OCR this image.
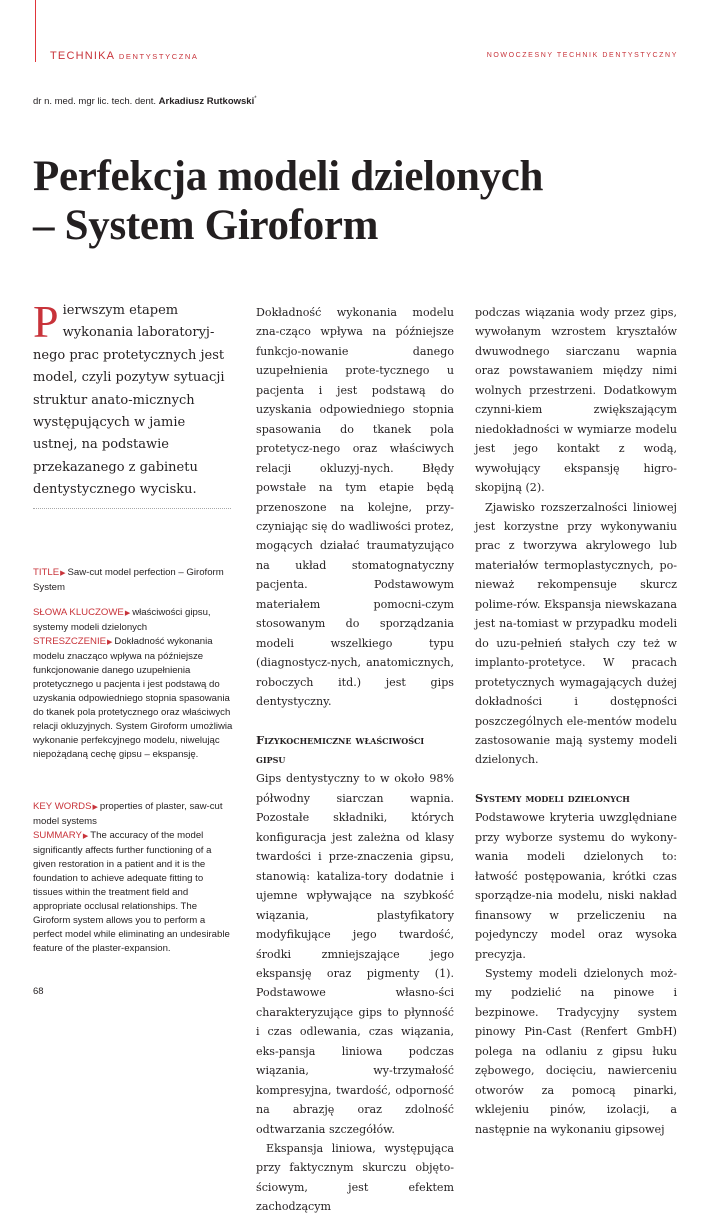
TECHNIKA DENTYSTYCZNA	NOWOCZESNY TECHNIK DENTYSTYCZNY
dr n. med. mgr lic. tech. dent. Arkadiusz Rutkowski*
Perfekcja modeli dzielonych
– System Giroform
Pierwszym etapem wykonania laboratoryj-nego prac protetycznych jest model, czyli pozytyw sytuacji struktur anato-micznych występujących w jamie ustnej, na podstawie przekazanego z gabinetu dentystycznego wycisku.
TITLE▶ Saw-cut model perfection – Giroform System
SŁOWA KLUCZOWE▶ właściwości gipsu, systemy modeli dzielonych
STRESZCZENIE▶ Dokładność wykonania modelu znacząco wpływa na późniejsze funkcjonowanie danego uzupełnienia protetycznego u pacjenta i jest podstawą do uzyskania odpowiedniego stopnia spasowania do tkanek pola protetycznego oraz właściwych relacji okluzyjnych. System Giroform umożliwia wykonanie perfekcyjnego modelu, niwelując niepożądaną cechę gipsu – ekspansję.
KEY WORDS▶ properties of plaster, saw-cut model systems
SUMMARY▶ The accuracy of the model significantly affects further functioning of a given restoration in a patient and it is the foundation to achieve adequate fitting to tissues within the treatment field and appropriate occlusal relationships. The Giroform system allows you to perform a perfect model while eliminating an undesirable feature of the plaster-expansion.
Dokładność wykonania modelu zna-cząco wpływa na późniejsze funkcjo-nowanie danego uzupełnienia prote-tycznego u pacjenta i jest podstawą do uzyskania odpowiedniego stopnia spasowania do tkanek pola protetycz-nego oraz właściwych relacji okluzyj-nych. Błędy powstałe na tym etapie będą przenoszone na kolejne, przy-czyniając się do wadliwości protez, mogących działać traumatyzująco na układ stomatognatyczny pacjenta. Podstawowym materiałem pomocni-czym stosowanym do sporządzania modeli wszelkiego typu (diagnostycz-nych, anatomicznych, roboczych itd.) jest gips dentystyczny.
Fizykochemiczne właściwości gipsu
Gips dentystyczny to w około 98% półwodny siarczan wapnia. Pozostałe składniki, których konfiguracja jest zależna od klasy twardości i prze-znaczenia gipsu, stanowią: kataliza-tory dodatnie i ujemne wpływające na szybkość wiązania, plastyfikatory modyfikujące jego twardość, środki zmniejszające jego ekspansję oraz pigmenty (1). Podstawowe własno-ści charakteryzujące gips to płynność i czas odlewania, czas wiązania, eks-pansja liniowa podczas wiązania, wy-trzymałość kompresyjna, twardość, odporność na abrazję oraz zdolność odtwarzania szczegółów.
Ekspansja liniowa, występująca przy faktycznym skurczu objęto-ściowym, jest efektem zachodzącym
podczas wiązania wody przez gips, wywołanym wzrostem kryształów dwuwodnego siarczanu wapnia oraz powstawaniem między nimi wolnych przestrzeni. Dodatkowym czynni-kiem zwiększającym niedokładności w wymiarze modelu jest jego kontakt z wodą, wywołujący ekspansję higro-skopijną (2).
Zjawisko rozszerzalności liniowej jest korzystne przy wykonywaniu prac z tworzywa akrylowego lub materiałów termoplastycznych, po-nieważ rekompensuje skurcz polime-rów. Ekspansja niewskazana jest na-tomiast w przypadku modeli do uzu-pełnień stałych czy też w implanto-protetyce. W pracach protetycznych wymagających dużej dokładności i dostępności poszczególnych ele-mentów modelu zastosowanie mają systemy modeli dzielonych.
Systemy modeli dzielonych
Podstawowe kryteria uwzględniane przy wyborze systemu do wykony-wania modeli dzielonych to: łatwość postępowania, krótki czas sporządze-nia modelu, niski nakład finansowy w przeliczeniu na pojedynczy model oraz wysoka precyzja.
Systemy modeli dzielonych moż-my podzielić na pinowe i bezpinowe. Tradycyjny system pinowy Pin-Cast (Renfert GmbH) polega na odlaniu z gipsu łuku zębowego, docięciu, nawierceniu otworów za pomocą pinarki, wklejeniu pinów, izolacji, a następnie na wykonaniu gipsowej
68
